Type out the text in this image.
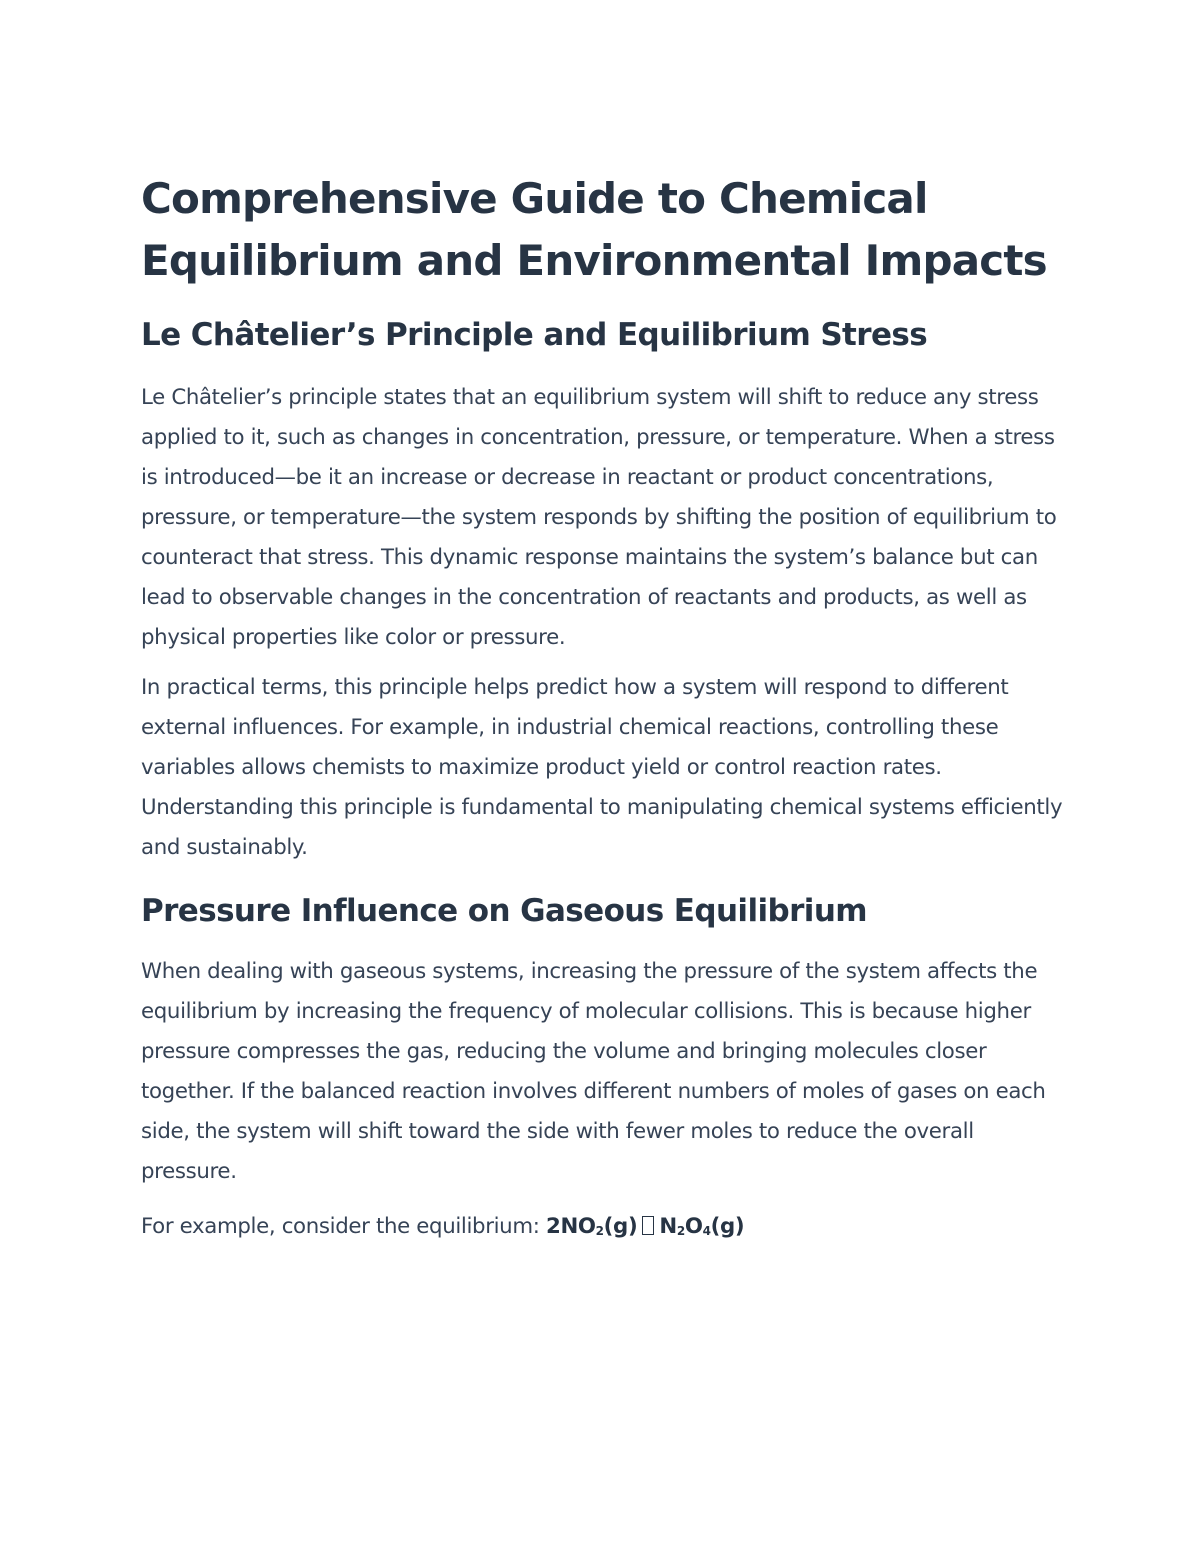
Comprehensive Guide to Chemical Equilibrium and Environmental Impacts
Le Châtelier’s Principle and Equilibrium Stress

Le Châtelier’s principle states that an equilibrium system will shift to reduce any stress applied to it, such as changes in concentration, pressure, or temperature. When a stress is introduced—be it an increase or decrease in reactant or product concentrations, pressure, or temperature—the system responds by shifting the position of equilibrium to counteract that stress. This dynamic response maintains the system’s balance but can lead to observable changes in the concentration of reactants and products, as well as physical properties like color or pressure.

In practical terms, this principle helps predict how a system will respond to different external influences. For example, in industrial chemical reactions, controlling these variables allows chemists to maximize product yield or control reaction rates. Understanding this principle is fundamental to manipulating chemical systems efficiently and sustainably.

Pressure Influence on Gaseous Equilibrium

When dealing with gaseous systems, increasing the pressure of the system affects the equilibrium by increasing the frequency of molecular collisions. This is because higher pressure compresses the gas, reducing the volume and bringing molecules closer together. If the balanced reaction involves different numbers of moles of gases on each side, the system will shift toward the side with fewer moles to reduce the overall pressure.

For example, consider the equilibrium: $2NO_2(g)$ $N_2O_4(g)$
